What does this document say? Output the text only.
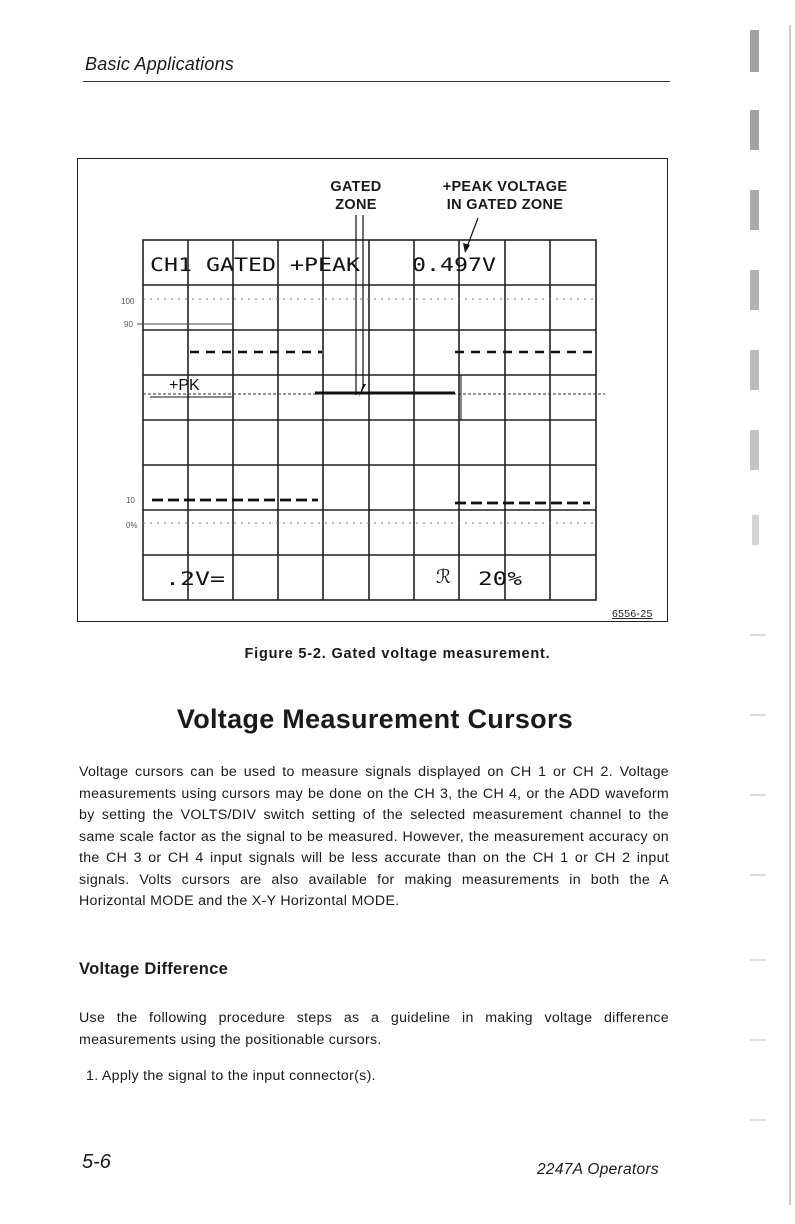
Basic Applications
GATED
ZONE
+PEAK VOLTAGE
IN GATED ZONE
CH1 GATED +PEAK	0.497V
.2V=	ℛ 20%
+PK
100
90
10
0%
6556-25
Figure 5-2. Gated voltage measurement.
Voltage Measurement Cursors
Voltage cursors can be used to measure signals displayed on CH 1 or CH 2. Voltage measurements using cursors may be done on the CH 3, the CH 4, or the ADD waveform by setting the VOLTS/DIV switch setting of the selected measurement channel to the same scale factor as the signal to be measured. However, the measurement accuracy on the CH 3 or CH 4 input signals will be less accurate than on the CH 1 or CH 2 input signals. Volts cursors are also available for making measurements in both the A Horizontal MODE and the X-Y Horizontal MODE.
Voltage Difference
Use the following procedure steps as a guideline in making voltage difference measurements using the positionable cursors.
1. Apply the signal to the input connector(s).
5-6	2247A Operators
